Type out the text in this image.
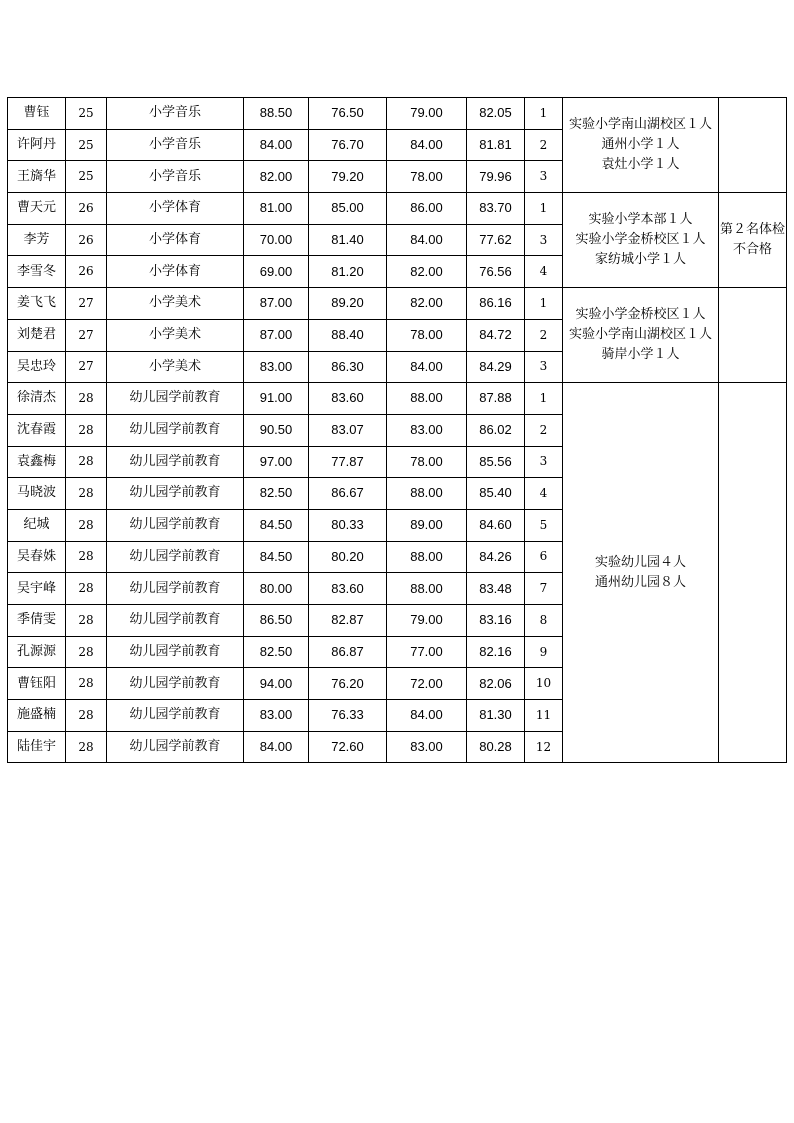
曹钰	25	小学音乐	88.50	76.50	79.00	82.05	1	实验小学南山湖校区１人
通州小学１人
袁灶小学１人	

许阿丹	25	小学音乐	84.00	76.70	84.00	81.81	2		
王旖华	25	小学音乐	82.00	79.20	78.00	79.96	3		
曹天元	26	小学体育	81.00	85.00	86.00	83.70	1	实验小学本部１人
实验小学金桥校区１人
家纺城小学１人	第２名体检不合格
李芳	26	小学体育	70.00	81.40	84.00	77.62	3		
李雪冬	26	小学体育	69.00	81.20	82.00	76.56	4		
姜飞飞	27	小学美术	87.00	89.20	82.00	86.16	1	实验小学金桥校区１人
实验小学南山湖校区１人
骑岸小学１人	

刘楚君	27	小学美术	87.00	88.40	78.00	84.72	2		
吴忠玲	27	小学美术	83.00	86.30	84.00	84.29	3		
徐清杰	28	幼儿园学前教育	91.00	83.60	88.00	87.88	1	实验幼儿园４人
通州幼儿园８人	

沈春霞	28	幼儿园学前教育	90.50	83.07	83.00	86.02	2		
袁鑫梅	28	幼儿园学前教育	97.00	77.87	78.00	85.56	3		
马晓波	28	幼儿园学前教育	82.50	86.67	88.00	85.40	4		
纪城	28	幼儿园学前教育	84.50	80.33	89.00	84.60	5		
吴春姝	28	幼儿园学前教育	84.50	80.20	88.00	84.26	6		
吴宇峰	28	幼儿园学前教育	80.00	83.60	88.00	83.48	7		
季倩雯	28	幼儿园学前教育	86.50	82.87	79.00	83.16	8		
孔源源	28	幼儿园学前教育	82.50	86.87	77.00	82.16	9		
曹钰阳	28	幼儿园学前教育	94.00	76.20	72.00	82.06	10		
施盛楠	28	幼儿园学前教育	83.00	76.33	84.00	81.30	11		
陆佳宇	28	幼儿园学前教育	84.00	72.60	83.00	80.28	12		
